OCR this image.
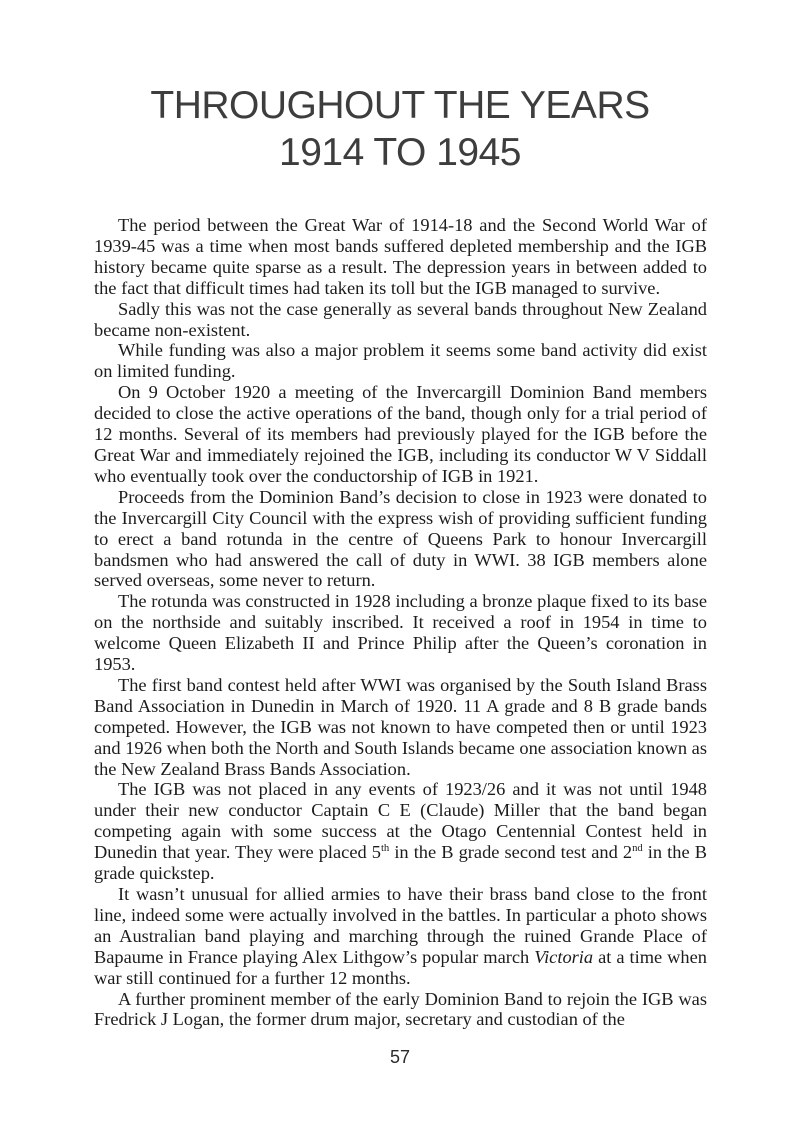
THROUGHOUT THE YEARS
1914 TO 1945

The period between the Great War of 1914-18 and the Second World War of 1939-45 was a time when most bands suffered depleted membership and the IGB history became quite sparse as a result. The depression years in between added to the fact that difficult times had taken its toll but the IGB managed to survive.

Sadly this was not the case generally as several bands throughout New Zealand became non-existent.

While funding was also a major problem it seems some band activity did exist on limited funding.

On 9 October 1920 a meeting of the Invercargill Dominion Band members decided to close the active operations of the band, though only for a trial period of 12 months. Several of its members had previously played for the IGB before the Great War and immediately rejoined the IGB, including its conductor W V Siddall who eventually took over the conductorship of IGB in 1921.

Proceeds from the Dominion Band’s decision to close in 1923 were donated to the Invercargill City Council with the express wish of providing sufficient funding to erect a band rotunda in the centre of Queens Park to honour Invercargill bandsmen who had answered the call of duty in WWI. 38 IGB members alone served overseas, some never to return.

The rotunda was constructed in 1928 including a bronze plaque fixed to its base on the northside and suitably inscribed. It received a roof in 1954 in time to welcome Queen Elizabeth II and Prince Philip after the Queen’s coronation in 1953.

The first band contest held after WWI was organised by the South Island Brass Band Association in Dunedin in March of 1920. 11 A grade and 8 B grade bands competed. However, the IGB was not known to have competed then or until 1923 and 1926 when both the North and South Islands became one association known as the New Zealand Brass Bands Association.

The IGB was not placed in any events of 1923/26 and it was not until 1948 under their new conductor Captain C E (Claude) Miller that the band began competing again with some success at the Otago Centennial Contest held in Dunedin that year. They were placed 5th in the B grade second test and 2nd in the B grade quickstep.

It wasn’t unusual for allied armies to have their brass band close to the front line, indeed some were actually involved in the battles. In particular a photo shows an Australian band playing and marching through the ruined Grande Place of Bapaume in France playing Alex Lithgow’s popular march Victoria at a time when war still continued for a further 12 months.

A further prominent member of the early Dominion Band to rejoin the IGB was Fredrick J Logan, the former drum major, secretary and custodian of the

57
